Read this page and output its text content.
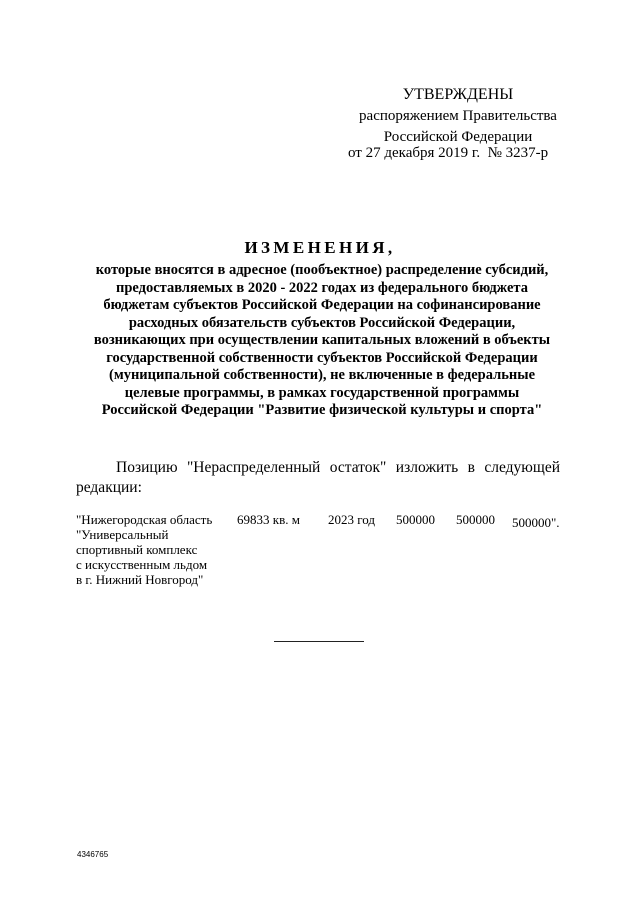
УТВЕРЖДЕНЫ
распоряжением Правительства
Российской Федерации
от 27 декабря 2019 г.  № 3237-р
ИЗМЕНЕНИЯ,
которые вносятся в адресное (пообъектное) распределение субсидий,
предоставляемых в 2020 - 2022 годах из федерального бюджета
бюджетам субъектов Российской Федерации на софинансирование
расходных обязательств субъектов Российской Федерации,
возникающих при осуществлении капитальных вложений в объекты
государственной собственности субъектов Российской Федерации
(муниципальной собственности), не включенные в федеральные
целевые программы, в рамках государственной программы
Российской Федерации "Развитие физической культуры и спорта"
Позицию "Нераспределенный остаток" изложить в следующей
редакции:
"Нижегородская область
"Универсальный
спортивный комплекс
с искусственным льдом
в г. Нижний Новгород"
69833 кв. м 2023 год 500000 500000 500000".
4346765
